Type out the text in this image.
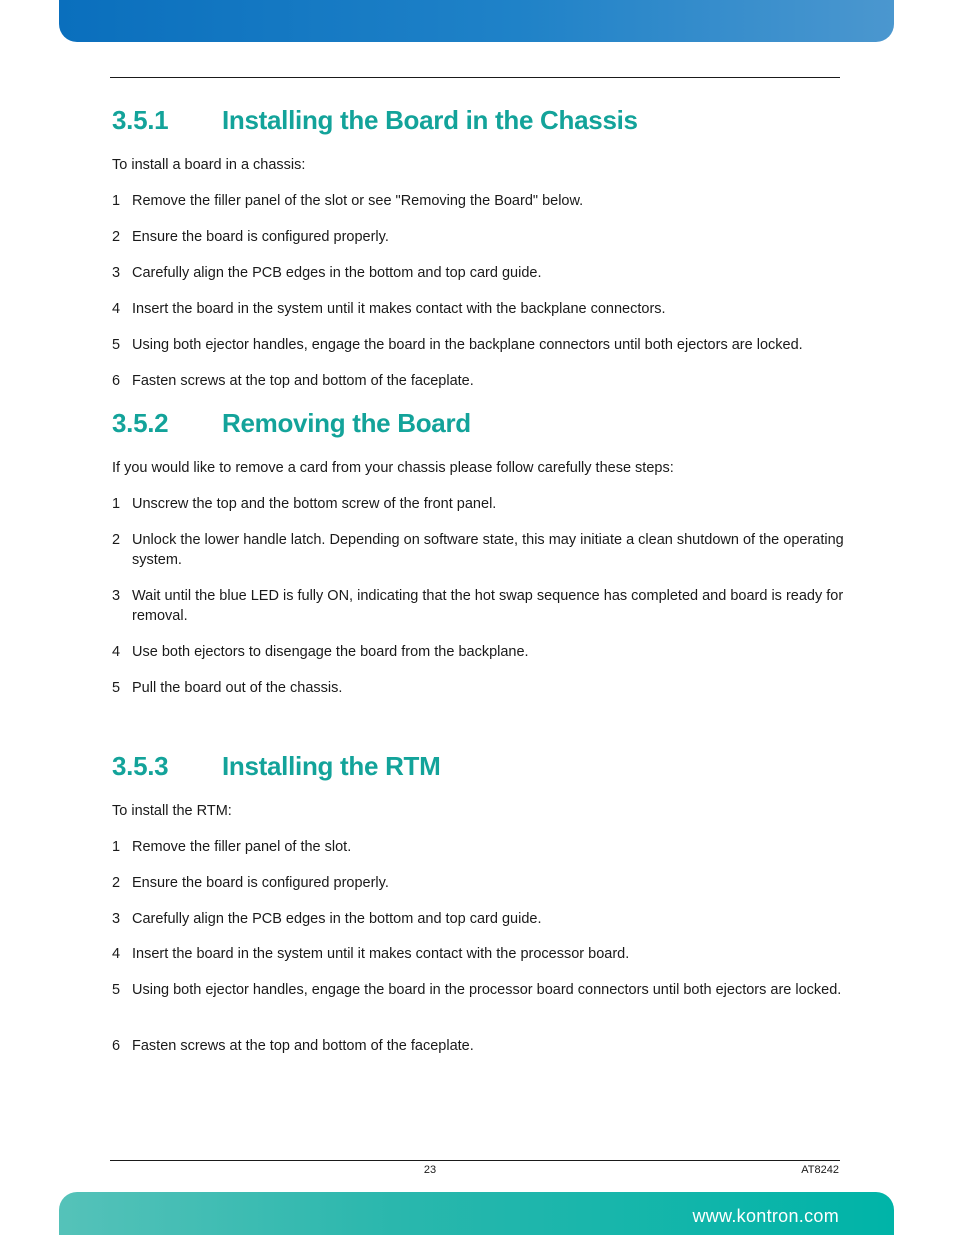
3.5.1 Installing the Board in the Chassis

To install a board in a chassis:

1 Remove the filler panel of the slot or see "Removing the Board" below.
2 Ensure the board is configured properly.
3 Carefully align the PCB edges in the bottom and top card guide.
4 Insert the board in the system until it makes contact with the backplane connectors.
5 Using both ejector handles, engage the board in the backplane connectors until both ejectors are locked.
6 Fasten screws at the top and bottom of the faceplate.
3.5.2 Removing the Board

If you would like to remove a card from your chassis please follow carefully these steps:

1 Unscrew the top and the bottom screw of the front panel.
2 Unlock the lower handle latch. Depending on software state, this may initiate a clean shutdown of the operating system.
3 Wait until the blue LED is fully ON, indicating that the hot swap sequence has completed and board is ready for removal.
4 Use both ejectors to disengage the board from the backplane.
5 Pull the board out of the chassis.
3.5.3 Installing the RTM

To install the RTM:

1 Remove the filler panel of the slot.
2 Ensure the board is configured properly.
3 Carefully align the PCB edges in the bottom and top card guide.
4 Insert the board in the system until it makes contact with the processor board.
5 Using both ejector handles, engage the board in the processor board connectors until both ejectors are locked.
6 Fasten screws at the top and bottom of the faceplate.
23	AT8242
www.kontron.com
